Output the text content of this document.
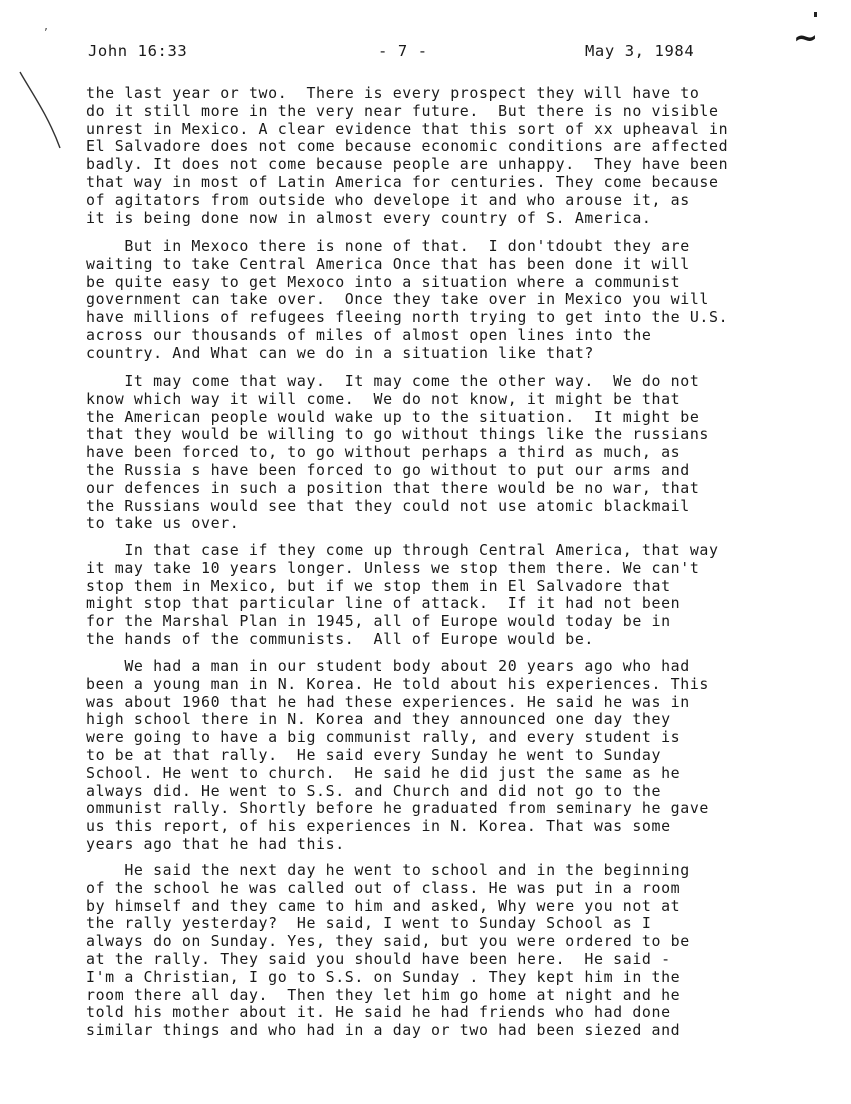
~
’
John 16:33	- 7 -	May 3, 1984
the last year or two.  There is every prospect they will have to
do it still more in the very near future.  But there is no visible
unrest in Mexico. A clear evidence that this sort of xx upheaval in
El Salvadore does not come because economic conditions are affected
badly. It does not come because people are unhappy.  They have been
that way in most of Latin America for centuries. They come because
of agitators from outside who develope it and who arouse it, as
it is being done now in almost every country of S. America.
But in Mexoco there is none of that.  I don'tdoubt they are
waiting to take Central America Once that has been done it will
be quite easy to get Mexoco into a situation where a communist
government can take over.  Once they take over in Mexico you will
have millions of refugees fleeing north trying to get into the U.S.
across our thousands of miles of almost open lines into the
country. And What can we do in a situation like that?
It may come that way.  It may come the other way.  We do not
know which way it will come.  We do not know, it might be that
the American people would wake up to the situation.  It might be
that they would be willing to go without things like the russians
have been forced to, to go without perhaps a third as much, as
the Russia s have been forced to go without to put our arms and
our defences in such a position that there would be no war, that
the Russians would see that they could not use atomic blackmail
to take us over.
In that case if they come up through Central America, that way
it may take 10 years longer. Unless we stop them there. We can't
stop them in Mexico, but if we stop them in El Salvadore that
might stop that particular line of attack.  If it had not been
for the Marshal Plan in 1945, all of Europe would today be in
the hands of the communists.  All of Europe would be.
We had a man in our student body about 20 years ago who had
been a young man in N. Korea. He told about his experiences. This
was about 1960 that he had these experiences. He said he was in
high school there in N. Korea and they announced one day they
were going to have a big communist rally, and every student is
to be at that rally.  He said every Sunday he went to Sunday
School. He went to church.  He said he did just the same as he
always did. He went to S.S. and Church and did not go to the
ommunist rally. Shortly before he graduated from seminary he gave
us this report, of his experiences in N. Korea. That was some
years ago that he had this.
He said the next day he went to school and in the beginning
of the school he was called out of class. He was put in a room
by himself and they came to him and asked, Why were you not at
the rally yesterday?  He said, I went to Sunday School as I
always do on Sunday. Yes, they said, but you were ordered to be
at the rally. They said you should have been here.  He said -
I'm a Christian, I go to S.S. on Sunday . They kept him in the
room there all day.  Then they let him go home at night and he
told his mother about it. He said he had friends who had done
similar things and who had in a day or two had been siezed and
